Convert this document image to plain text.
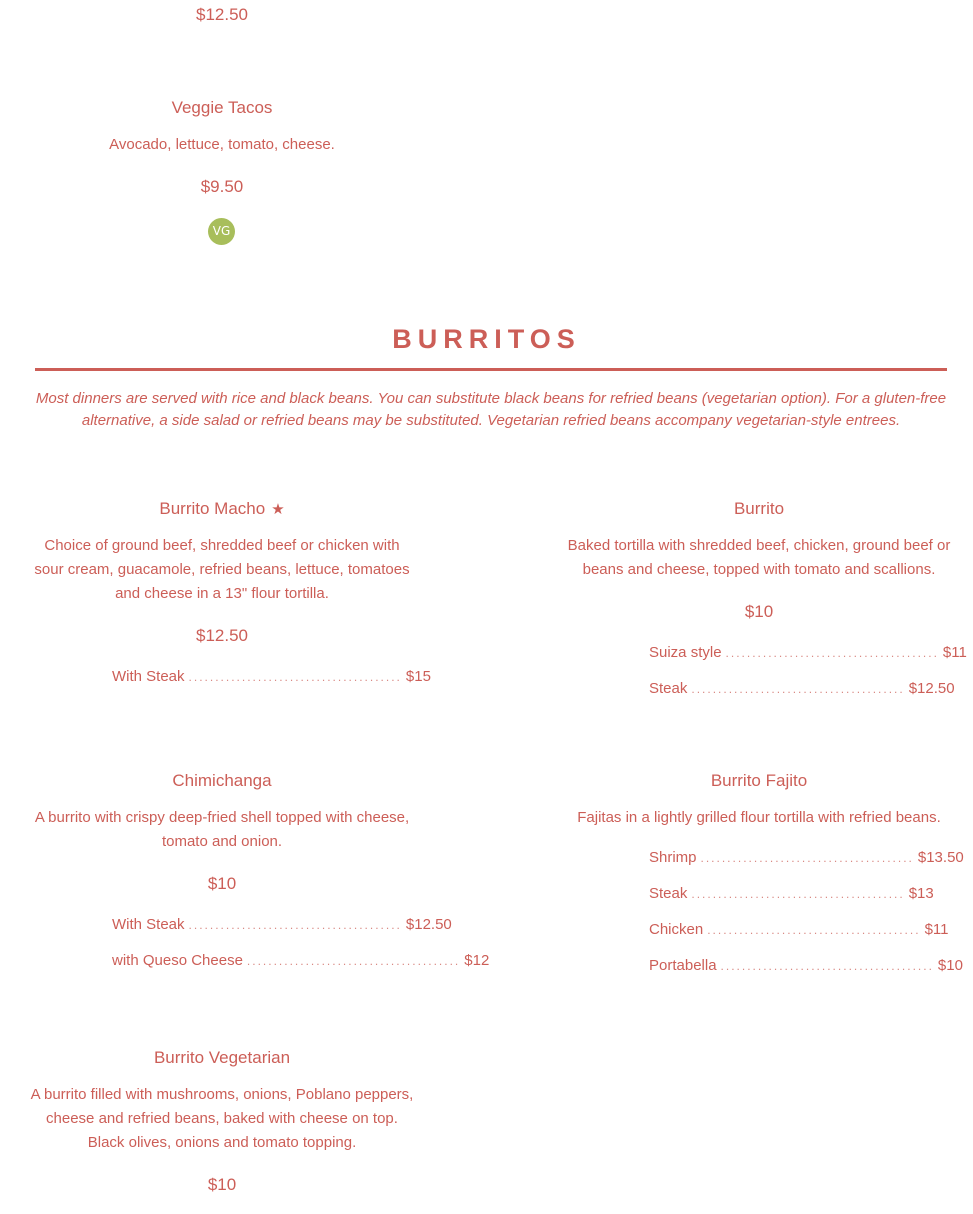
$12.50
Veggie Tacos
Avocado, lettuce, tomato, cheese.
$9.50
VG
BURRITOS
Most dinners are served with rice and black beans. You can substitute black beans for refried beans (vegetarian option). For a gluten-free
alternative, a side salad or refried beans may be substituted. Vegetarian refried beans accompany vegetarian-style entrees.
Burrito Macho ★
Choice of ground beef, shredded beef or chicken with
sour cream, guacamole, refried beans, lettuce, tomatoes
and cheese in a 13" flour tortilla.
$12.50
With Steak ........................................ $15
Burrito
Baked tortilla with shredded beef, chicken, ground beef or
beans and cheese, topped with tomato and scallions.
$10
Suiza style ........................................ $11
Steak ........................................ $12.50
Chimichanga
A burrito with crispy deep-fried shell topped with cheese,
tomato and onion.
$10
With Steak ........................................ $12.50
with Queso Cheese ........................................ $12
Burrito Fajito
Fajitas in a lightly grilled flour tortilla with refried beans.
Shrimp ........................................ $13.50
Steak ........................................ $13
Chicken ........................................ $11
Portabella ........................................ $10
Burrito Vegetarian
A burrito filled with mushrooms, onions, Poblano peppers,
cheese and refried beans, baked with cheese on top.
Black olives, onions and tomato topping.
$10
